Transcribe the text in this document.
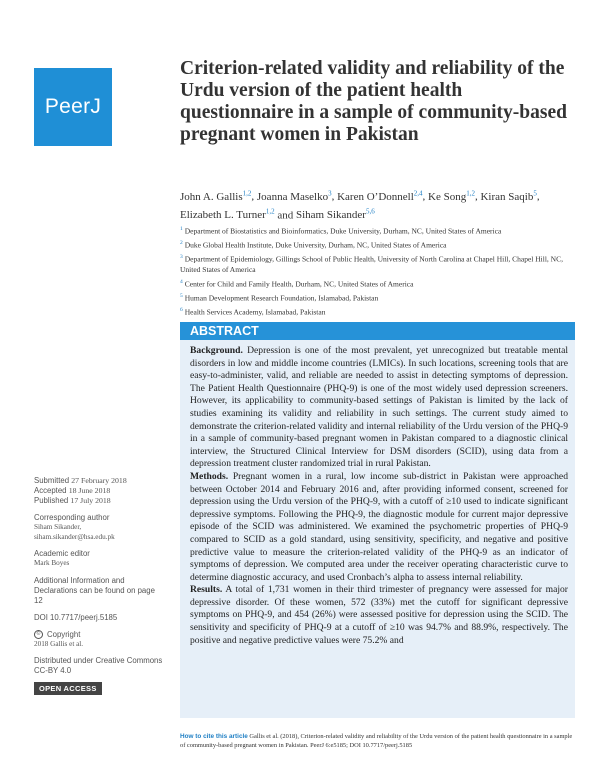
PeerJ
Criterion-related validity and reliability of the Urdu version of the patient health questionnaire in a sample of community-based pregnant women in Pakistan
John A. Gallis$^{1,2}$, Joanna Maselko$^3$, Karen O’Donnell$^{2,4}$, Ke Song$^{1,2}$, Kiran Saqib$^5$, Elizabeth L. Turner$^{1,2}$ and Siham Sikander$^{5,6}$
$^1$ Department of Biostatistics and Bioinformatics, Duke University, Durham, NC, United States of America
$^2$ Duke Global Health Institute, Duke University, Durham, NC, United States of America
$^3$ Department of Epidemiology, Gillings School of Public Health, University of North Carolina at Chapel Hill, Chapel Hill, NC, United States of America
$^4$ Center for Child and Family Health, Durham, NC, United States of America
$^5$ Human Development Research Foundation, Islamabad, Pakistan
$^6$ Health Services Academy, Islamabad, Pakistan
ABSTRACT

Background. Depression is one of the most prevalent, yet unrecognized but treatable mental disorders in low and middle income countries (LMICs). In such locations, screening tools that are easy-to-administer, valid, and reliable are needed to assist in detecting symptoms of depression. The Patient Health Questionnaire (PHQ-9) is one of the most widely used depression screeners. However, its applicability to community-based settings of Pakistan is limited by the lack of studies examining its validity and reliability in such settings. The current study aimed to demonstrate the criterion-related validity and internal reliability of the Urdu version of the PHQ-9 in a sample of community-based pregnant women in Pakistan compared to a diagnostic clinical interview, the Structured Clinical Interview for DSM disorders (SCID), using data from a depression treatment cluster randomized trial in rural Pakistan.

Methods. Pregnant women in a rural, low income sub-district in Pakistan were approached between October 2014 and February 2016 and, after providing informed consent, screened for depression using the Urdu version of the PHQ-9, with a cutoff of ≥10 used to indicate significant depressive symptoms. Following the PHQ-9, the diagnostic module for current major depressive episode of the SCID was administered. We examined the psychometric properties of PHQ-9 compared to SCID as a gold standard, using sensitivity, specificity, and negative and positive predictive value to measure the criterion-related validity of the PHQ-9 as an indicator of symptoms of depression. We computed area under the receiver operating characteristic curve to determine diagnostic accuracy, and used Cronbach’s alpha to assess internal reliability.

Results. A total of 1,731 women in their third trimester of pregnancy were assessed for major depressive disorder. Of these women, 572 (33%) met the cutoff for significant depressive symptoms on PHQ-9, and 454 (26%) were assessed positive for depression using the SCID. The sensitivity and specificity of PHQ-9 at a cutoff of ≥10 was 94.7% and 88.9%, respectively. The positive and negative predictive values were 75.2% and

Submitted 27 February 2018
Accepted 18 June 2018
Published 17 July 2018
Corresponding author
Siham Sikander,
siham.sikander@hsa.edu.pk
Academic editor
Mark Boyes
Additional Information and Declarations can be found on page 12
DOI 10.7717/peerj.5185
© Copyright
2018 Gallis et al.
Distributed under Creative Commons CC-BY 4.0
OPEN ACCESS
How to cite this article Gallis et al. (2018), Criterion-related validity and reliability of the Urdu version of the patient health questionnaire in a sample of community-based pregnant women in Pakistan. PeerJ 6:e5185; DOI 10.7717/peerj.5185
